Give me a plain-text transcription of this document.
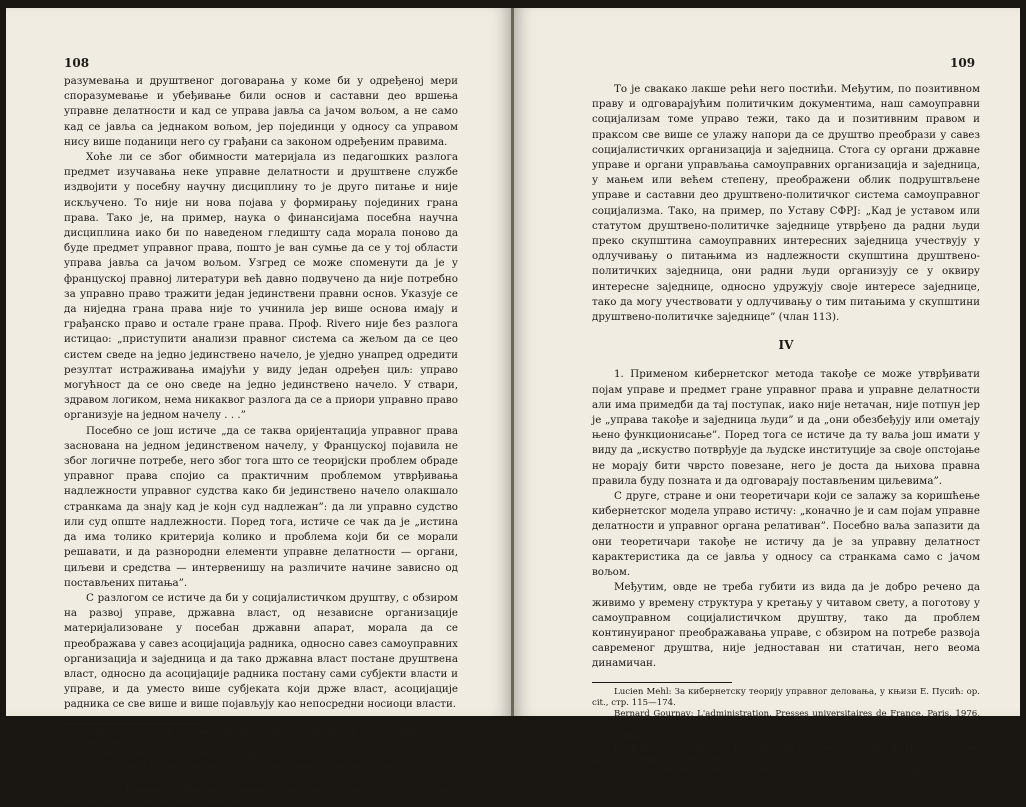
108

разумевања и друштвеног договарања у коме би у одређеној мери споразумевање и убеђивање били основ и саставни део вршења управне делатности и кад се управа јавља са јачом вољом, а не само кад се јавља са једнаком вољом, јер појединци у односу са управом нису више поданици него су грађани са законом одређеним правима.

Хоће ли се због обимности материјала из педагошких разлога предмет изучавања неке управне делатности и друштвене службе издвојити у посебну научну дисциплину то је друго питање и није искључено. То није ни нова појава у формирању појединих грана права. Тако је, на пример, наука о финансијама посебна научна дисциплина иако би по наведеном гледишту сада морала поново да буде предмет управног права, пошто је ван сумње да се у тој области управа јавља са јачом вољом. Узгред се може споменути да је у француској правној литератури већ давно подвучено да није потребно за управно право тражити један јединствени правни основ. Указује се да ниједна грана права није то учинила јер више основа имају и грађанско право и остале гране права. Проф. Rivero није без разлога истицао: „приступити анализи правног система са жељом да се цео систем сведе на једно јединствено начело, је уједно унапред одредити резултат истраживања имајући у виду један одређен циљ: управо могућност да се оно сведе на једно јединствено начело. У ствари, здравом логиком, нема никаквог разлога да се а приори управно право организује на једном начелу . . .”

Посебно се још истиче „да се таква оријентација управног права заснована на једном јединственом начелу, у Француској појавила не због логичне потребе, него због тога што се теоријски проблем обраде управног права спојио са практичним проблемом утврђивања надлежности управног судства како би јединствено начело олакшало странкама да знају кад је којн суд надлежан”: да ли управно судство или суд опште надлежности. Поред тога, истиче се чак да је „истина да има толико критерија колико и проблема који би се морали решавати, и да разнородни елементи управне делатности — органи, циљеви и средства — интервенишу на различите начине зависно од постављених питања”.

С разлогом се истиче да би у социјалистичком друштву, с обзиром на развој управе, државна власт, од независне организације материјализоване у посебан државни апарат, морала да се преображава у савез асоцијација радника, односно савез самоуправних организација и заједница и да тако државна власт постане друштвена власт, односно да асоцијације радника постану сами субјекти власти и управе, и да уместо више субјеката који држе власт, асоцијације радника се све више и више појављују као непосредни носиоци власти.

J. Rivero: Existe-t-il un critère du droit administratif? Revue de droit public, 1953, стр. 290—291.

J. Rivero: Droit administratif, 1975, стр. 35.

Prosper Weil: Le droit administratif, Presses universitaires de France, Paris, 1975, стр. 72—73.

J. U. A. Tikhomorov: Pouvoir et administration dans la société socialiste. Centre national de la recherche scientifique, Paris, 1973, стр. 187.

109

То је свакако лакше рећи него постићи. Међутим, по позитивном праву и одговарајућим политичким документима, наш самоуправни социјализам томе управо тежи, тако да и позитивним правом и праксом све више се улажу напори да се друштво преобрази у савез социјалистичких организација и заједница. Стога су органи државне управе и органи управљања самоуправних организација и заједница, у мањем или већем степену, преображени облик подруштвљене управе и саставни део друштвено-политичког система самоуправног социјализма. Тако, на пример, по Уставу СФРЈ: „Кад је уставом или статутом друштвено-политичке заједнице утврђено да радни људи преко скупштина самоуправних интересних заједница учествују у одлучивању о питањима из надлежности скупштина друштвено-политичких заједница, они радни људи организују се у оквиру интересне заједнице, односно удружују своје интересе заједнице, тако да могу учествовати у одлучивању о тим питањима у скупштини друштвено-политичке заједнице” (члан 113).

IV

1. Применом кибернетског метода такође се може утврђивати појам управе и предмет гране управног права и управне делатности али има примедби да тај поступак, иако није нетачан, није потпун јер је „управа такође и заједница људи” и да „они обезбеђују или ометају њено функционисање”. Поред тога се истиче да ту ваља још имати у виду да „искуство потврђује да људске институције за своје опстојање не морају бити чврсто повезане, него је доста да њихова правна правила буду позната и да одговарају постављеним циљевима”.

С друге, стране и они теоретичари који се залажу за коришћење кибернетског модела управо истичу: „коначно је и сам појам управне делатности и управног органа релативан”. Посебно ваља запазити да они теоретичари такође не истичу да је за управну делатност карактеристика да се јавља у односу са странкама само с јачом вољом.

Међутим, овде не треба губити из вида да је добро речено да живимо у времену структура у кретању у читавом свету, а поготову у самоуправном социјалистичком друштву, тако да проблем континуираног преображавања управе, с обзиром на потребе развоја савременог друштва, није једноставан ни статичан, него веома динамичан.

Lucien Mehl: За кибернетску теорију управног деловања, у књизи Е. Пусић: op. cit., стр. 115—174.

Bernard Gournay: L'administration, Presses universitaires de France, Paris, 1976, стр. 71.

P. Weil: op. cit., стр. 125.

L. Mehl: op. cit., стр. 167. В. о примени овог метода: Е. Пусић: Наука о управи, Школска књига, Загреб, 1975, стр. 329—332.

Louis Armand: Plaidoyer pour l'avenir, Calmann-Levy, Paris, 1961, стр. 16.
